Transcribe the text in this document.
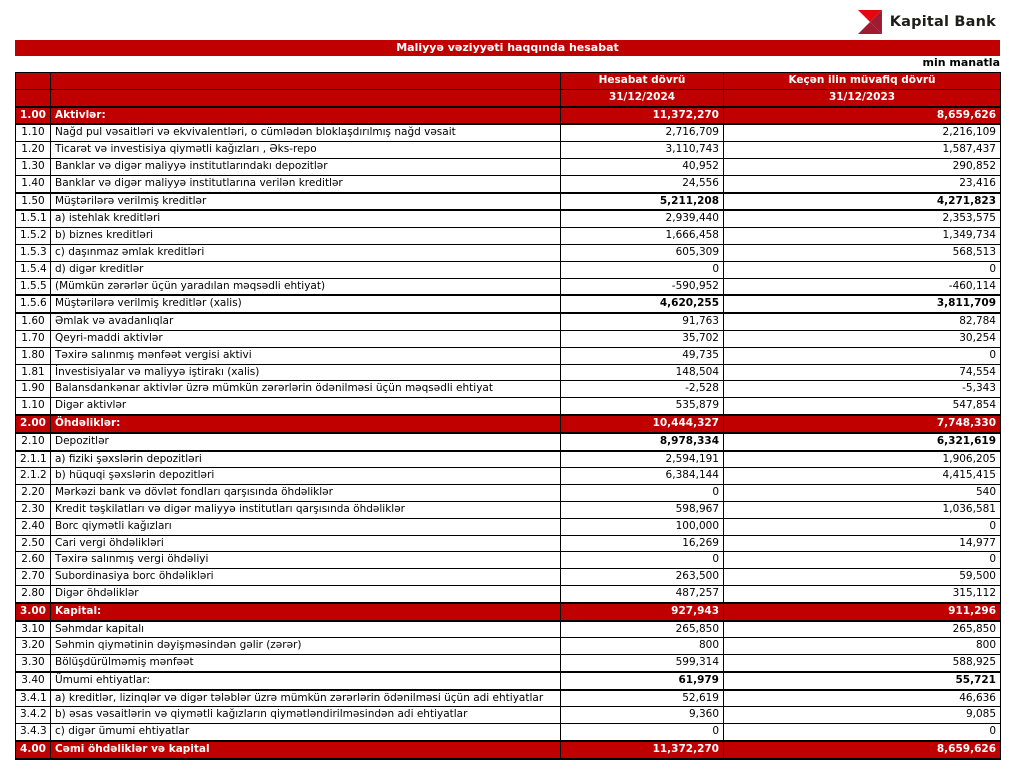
Kapital Bank
Maliyyə vəziyyəti haqqında hesabat
min manatla
		Hesabat dövrü	Keçən ilin müvafiq dövrü
		31/12/2024	31/12/2023
1.00	Aktivlər:	11,372,270	8,659,626
1.10	Nağd pul vəsaitləri və ekvivalentləri, o cümlədən bloklaşdırılmış nağd vəsait	2,716,709	2,216,109
1.20	Ticarət və investisiya qiymətli kağızları , Əks-repo	3,110,743	1,587,437
1.30	Banklar və digər maliyyə institutlarındakı depozitlər	40,952	290,852
1.40	Banklar və digər maliyyə institutlarına verilən kreditlər	24,556	23,416
1.50	Müştərilərə verilmiş kreditlər	5,211,208	4,271,823
1.5.1	a) istehlak kreditləri	2,939,440	2,353,575
1.5.2	b) biznes kreditləri	1,666,458	1,349,734
1.5.3	c) daşınmaz əmlak kreditləri	605,309	568,513
1.5.4	d) digər kreditlər	0	0
1.5.5	(Mümkün zərərlər üçün yaradılan məqsədli ehtiyat)	-590,952	-460,114
1.5.6	Müştərilərə verilmiş kreditlər (xalis)	4,620,255	3,811,709
1.60	Əmlak və avadanlıqlar	91,763	82,784
1.70	Qeyri-maddi aktivlər	35,702	30,254
1.80	Təxirə salınmış mənfəət vergisi aktivi	49,735	0
1.81	İnvestisiyalar və maliyyə iştirakı (xalis)	148,504	74,554
1.90	Balansdankənar aktivlər üzrə mümkün zərərlərin ödənilməsi üçün məqsədli ehtiyat	-2,528	-5,343
1.10	Digər aktivlər	535,879	547,854
2.00	Öhdəliklər:	10,444,327	7,748,330
2.10	Depozitlər	8,978,334	6,321,619
2.1.1	a) fiziki şəxslərin depozitləri	2,594,191	1,906,205
2.1.2	b) hüquqi şəxslərin depozitləri	6,384,144	4,415,415
2.20	Mərkəzi bank və dövlət fondları qarşısında öhdəliklər	0	540
2.30	Kredit təşkilatları və digər maliyyə institutları qarşısında öhdəliklər	598,967	1,036,581
2.40	Borc qiymətli kağızları	100,000	0
2.50	Cari vergi öhdəlikləri	16,269	14,977
2.60	Təxirə salınmış vergi öhdəliyi	0	0
2.70	Subordinasiya borc öhdəlikləri	263,500	59,500
2.80	Digər öhdəliklər	487,257	315,112
3.00	Kapital:	927,943	911,296
3.10	Səhmdar kapitalı	265,850	265,850
3.20	Səhmin qiymətinin dəyişməsindən gəlir (zərər)	800	800
3.30	Bölüşdürülməmiş mənfəət	599,314	588,925
3.40	Ümumi ehtiyatlar:	61,979	55,721
3.4.1	a) kreditlər, lizinqlər və digər tələblər üzrə mümkün zərərlərin ödənilməsi üçün adi ehtiyatlar	52,619	46,636
3.4.2	b) əsas vəsaitlərin və qiymətli kağızların qiymətləndirilməsindən adi ehtiyatlar	9,360	9,085
3.4.3	c) digər ümumi ehtiyatlar	0	0
4.00	Cəmi öhdəliklər və kapital	11,372,270	8,659,626
